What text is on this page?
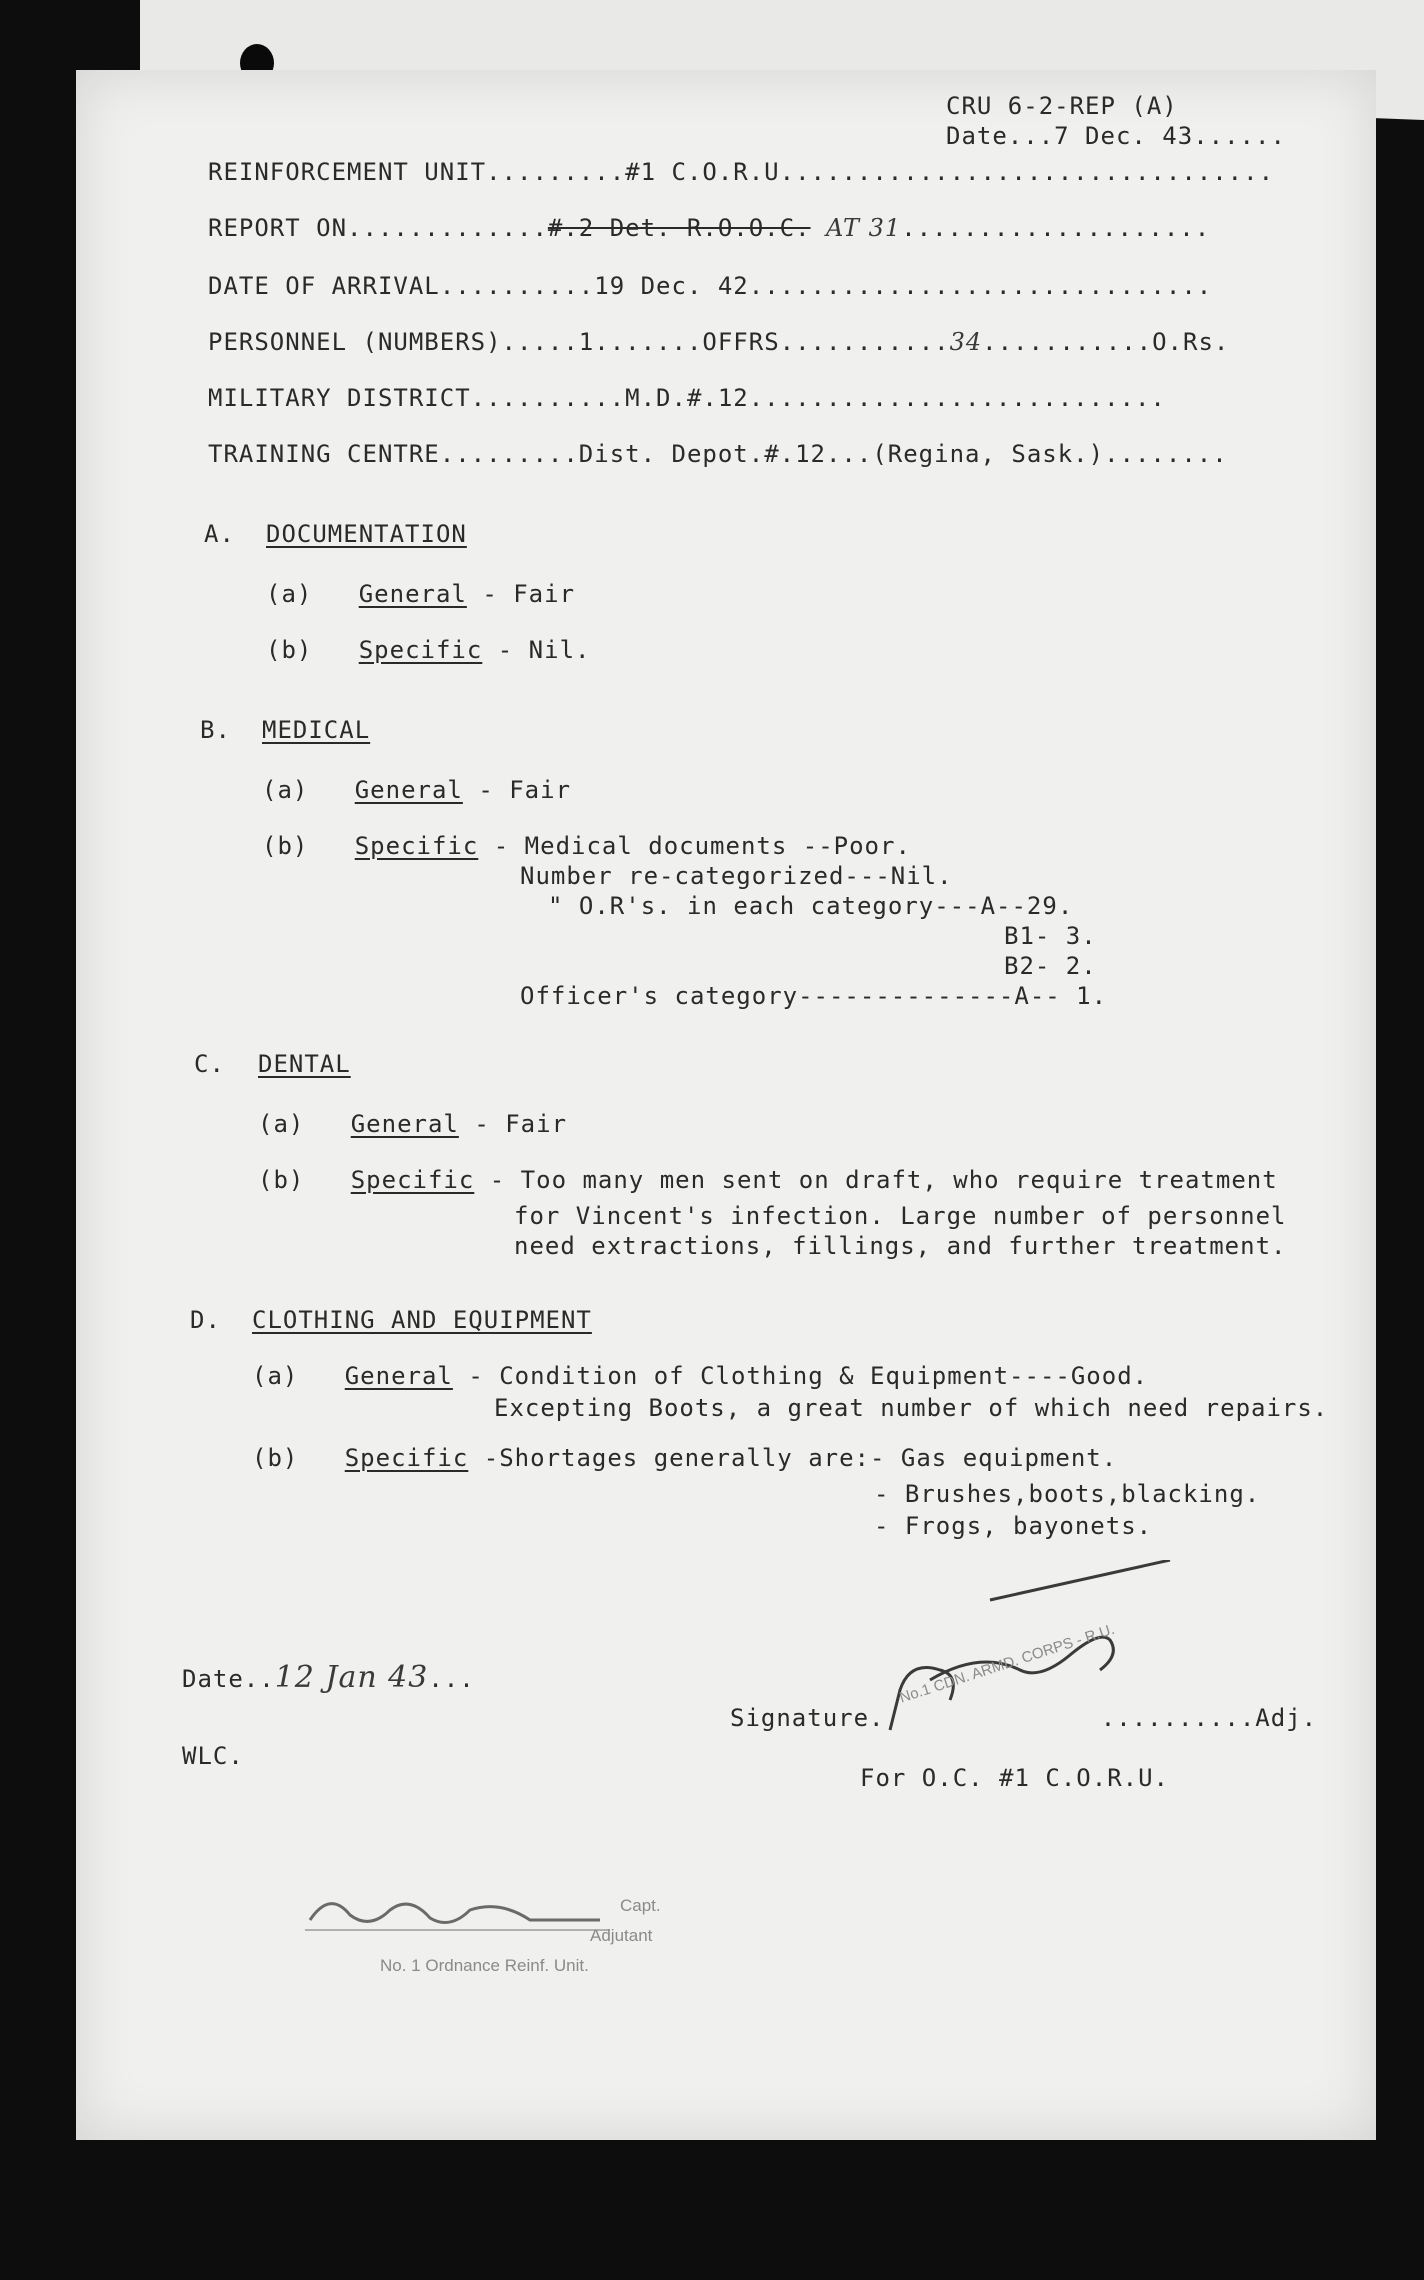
CRU 6-2-REP (A)
Date...7 Dec. 43......
REINFORCEMENT UNIT.........#1 C.O.R.U................................
REPORT ON.............#.2 Det. R.O.O.C. AT 31....................
DATE OF ARRIVAL..........19 Dec. 42..............................
PERSONNEL (NUMBERS).....1.......OFFRS...........34...........O.Rs.
MILITARY DISTRICT..........M.D.#.12...........................
TRAINING CENTRE.........Dist. Depot.#.12...(Regina, Sask.)........
A. DOCUMENTATION
(a) General - Fair
(b) Specific - Nil.
B. MEDICAL
(a) General - Fair
(b) Specific - Medical documents --Poor.
Number re-categorized---Nil.
" O.R's. in each category---A--29.
B1- 3.
B2- 2.
Officer's category--------------A-- 1.
C. DENTAL
(a) General - Fair
(b) Specific - Too many men sent on draft, who require treatment
for Vincent's infection. Large number of personnel
need extractions, fillings, and further treatment.
D. CLOTHING AND EQUIPMENT
(a) General - Condition of Clothing & Equipment----Good.
Excepting Boots, a great number of which need repairs.
(b) Specific -Shortages generally are:- Gas equipment.
- Brushes,boots,blacking.
- Frogs, bayonets.
Date..12 Jan 43...
WLC.
Signature.	..........Adj.
For O.C. #1 C.O.R.U.
No.1 CDN. ARMD. CORPS - R.U.
Capt.
Adjutant
No. 1 Ordnance Reinf. Unit.
